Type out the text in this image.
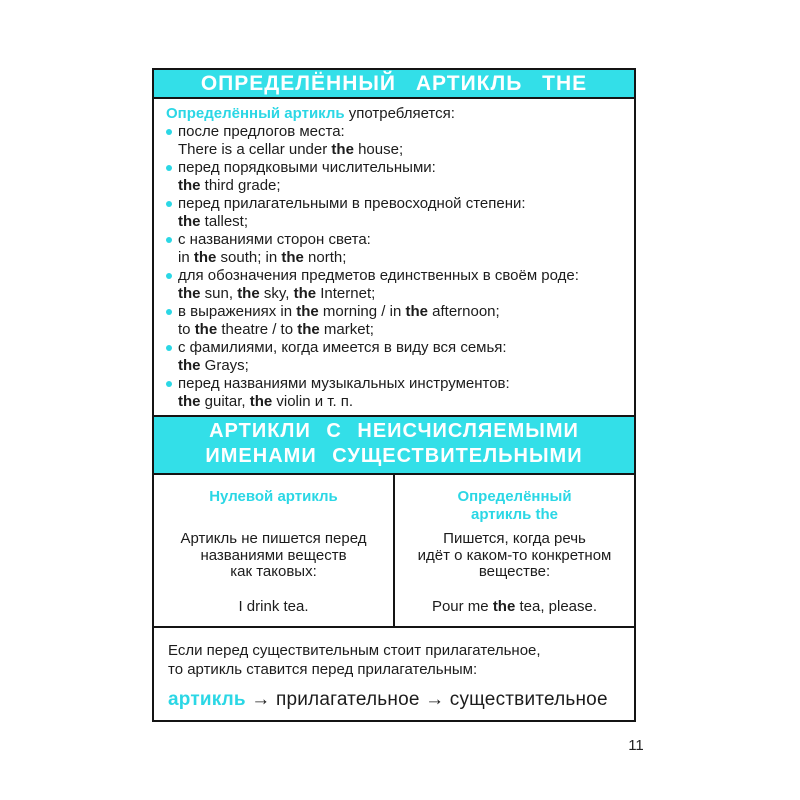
ОПРЕДЕЛЁННЫЙ АРТИКЛЬ THE
Определённый артикль употребляется:
после предлогов места:
There is a cellar under the house;
перед порядковыми числительными:
the third grade;
перед прилагательными в превосходной степени:
the tallest;
с названиями сторон света:
in the south; in the north;
для обозначения предметов единственных в своём роде:
the sun, the sky, the Internet;
в выражениях in the morning / in the afternoon;
to the theatre / to the market;
с фамилиями, когда имеется в виду вся семья:
the Grays;
перед названиями музыкальных инструментов:
the guitar, the violin и т. п.
АРТИКЛИ С НЕИСЧИСЛЯЕМЫМИ
ИМЕНАМИ СУЩЕСТВИТЕЛЬНЫМИ
Нулевой артикль
Артикль не пишется перед
названиями веществ
как таковых:
I drink tea.
Определённый
артикль the
Пишется, когда речь
идёт о каком-то конкретном
веществе:
Pour me the tea, please.
Если перед существительным стоит прилагательное,
то артикль ставится перед прилагательным:
артикль → прилагательное → существительное
11
